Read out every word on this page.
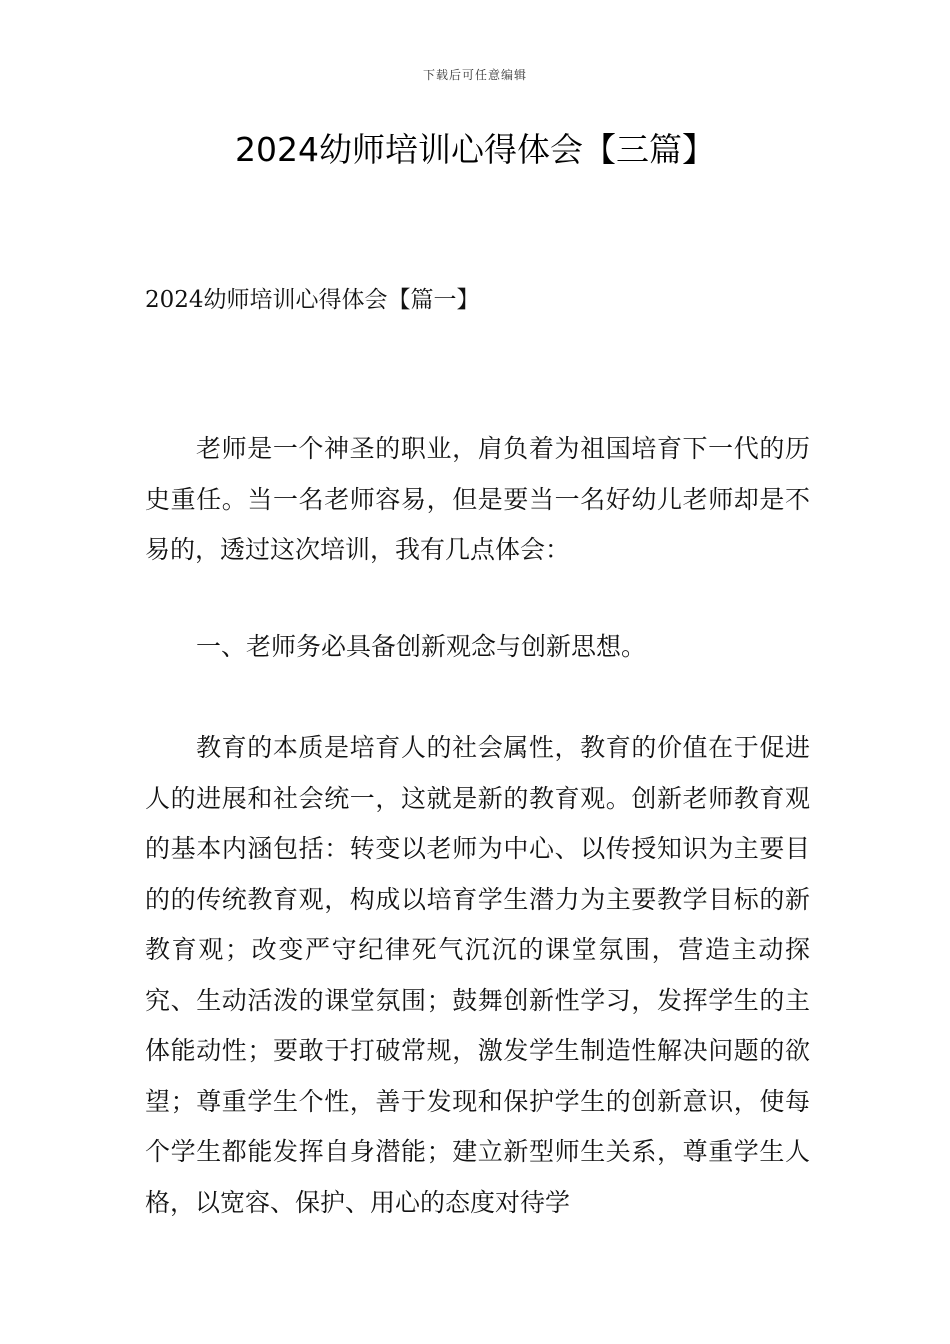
下载后可任意编辑
2024幼师培训心得体会【三篇】
2024幼师培训心得体会【篇一】

老师是一个神圣的职业，肩负着为祖国培育下一代的历史重任。当一名老师容易，但是要当一名好幼儿老师却是不易的，透过这次培训，我有几点体会：

一、老师务必具备创新观念与创新思想。

教育的本质是培育人的社会属性，教育的价值在于促进人的进展和社会统一，这就是新的教育观。创新老师教育观的基本内涵包括：转变以老师为中心、以传授知识为主要目的的传统教育观，构成以培育学生潜力为主要教学目标的新教育观；改变严守纪律死气沉沉的课堂氛围，营造主动探究、生动活泼的课堂氛围；鼓舞创新性学习，发挥学生的主体能动性；要敢于打破常规，激发学生制造性解决问题的欲望；尊重学生个性，善于发现和保护学生的创新意识，使每个学生都能发挥自身潜能；建立新型师生关系，尊重学生人格，以宽容、保护、用心的态度对待学
